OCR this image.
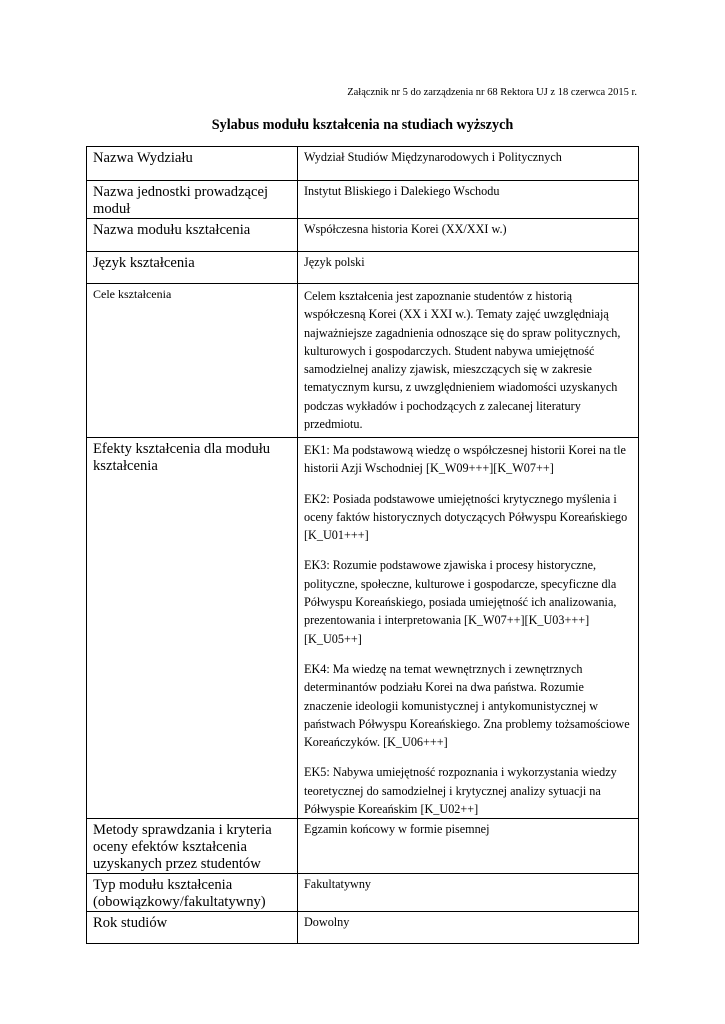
Załącznik nr 5 do zarządzenia nr 68 Rektora UJ z 18 czerwca 2015 r.
Sylabus modułu kształcenia na studiach wyższych
Nazwa Wydziału	Wydział Studiów Międzynarodowych i Politycznych
Nazwa jednostki prowadzącej moduł	Instytut Bliskiego i Dalekiego Wschodu
Nazwa modułu kształcenia	Współczesna historia Korei (XX/XXI w.)
Język kształcenia	Język polski
Cele kształcenia	Celem kształcenia jest zapoznanie studentów z historią współczesną Korei (XX i XXI w.). Tematy zajęć uwzględniają najważniejsze zagadnienia odnoszące się do spraw politycznych, kulturowych i gospodarczych. Student nabywa umiejętność samodzielnej analizy zjawisk, mieszczących się w zakresie tematycznym kursu, z uwzględnieniem wiadomości uzyskanych podczas wykładów i pochodzących z zalecanej literatury przedmiotu.
Efekty kształcenia dla modułu kształcenia	EK1: Ma podstawową wiedzę o współczesnej historii Korei na tle historii Azji Wschodniej [K_W09+++][K_W07++]
EK2: Posiada podstawowe umiejętności krytycznego myślenia i oceny faktów historycznych dotyczących Półwyspu Koreańskiego [K_U01+++]
EK3: Rozumie podstawowe zjawiska i procesy historyczne, polityczne, społeczne, kulturowe i gospodarcze, specyficzne dla Półwyspu Koreańskiego, posiada umiejętność ich analizowania, prezentowania i interpretowania [K_W07++][K_U03+++][K_U05++]
EK4: Ma wiedzę na temat wewnętrznych i zewnętrznych determinantów podziału Korei na dwa państwa. Rozumie znaczenie ideologii komunistycznej i antykomunistycznej w państwach Półwyspu Koreańskiego. Zna problemy tożsamościowe Koreańczyków. [K_U06+++]
EK5: Nabywa umiejętność rozpoznania i wykorzystania wiedzy teoretycznej do samodzielnej i krytycznej analizy sytuacji na Półwyspie Koreańskim [K_U02++]

Metody sprawdzania i kryteria oceny efektów kształcenia uzyskanych przez studentów	Egzamin końcowy w formie pisemnej
Typ modułu kształcenia (obowiązkowy/fakultatywny)	Fakultatywny
Rok studiów	Dowolny
